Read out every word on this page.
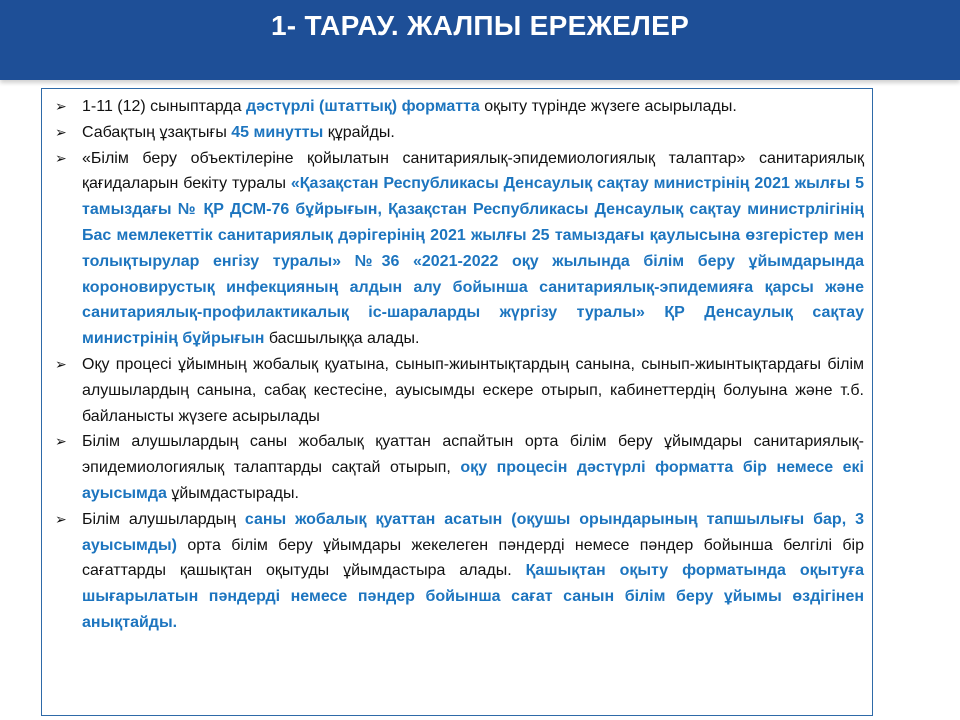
1- ТАРАУ. ЖАЛПЫ ЕРЕЖЕЛЕР
➢ 1-11 (12) сыныптарда дәстүрлі (штаттық) форматта оқыту түрінде жүзеге асырылады.
➢ Сабақтың ұзақтығы 45 минутты құрайды.
➢ «Білім беру объектілеріне қойылатын санитариялық-эпидемиологиялық талаптар» санитариялық қағидаларын бекіту туралы «Қазақстан Республикасы Денсаулық сақтау министрінің 2021 жылғы 5 тамыздағы № ҚР ДСМ-76 бұйрығын, Қазақстан Республикасы Денсаулық сақтау министрлігінің Бас мемлекеттік санитариялық дәрігерінің 2021 жылғы 25 тамыздағы қаулысына өзгерістер мен толықтырулар енгізу туралы» №36 «2021-2022 оқу жылында білім беру ұйымдарында короновирустық инфекцияның алдын алу бойынша санитариялық-эпидемияға қарсы және санитариялық-профилактикалық іс-шараларды жүргізу туралы» ҚР Денсаулық сақтау министрінің бұйрығын басшылыққа алады.
➢ Оқу процесі ұйымның жобалық қуатына, сынып-жиынтықтардың санына, сынып-жиынтықтардағы білім алушылардың санына, сабақ кестесіне, ауысымды ескере отырып, кабинеттердің болуына және т.б. байланысты жүзеге асырылады
➢ Білім алушылардың саны жобалық қуаттан аспайтын орта білім беру ұйымдары санитариялық-эпидемиологиялық талаптарды сақтай отырып, оқу процесін дәстүрлі форматта бір немесе екі ауысымда ұйымдастырады.
➢ Білім алушылардың саны жобалық қуаттан асатын (оқушы орындарының тапшылығы бар, 3 ауысымды) орта білім беру ұйымдары жекелеген пәндерді немесе пәндер бойынша белгілі бір сағаттарды қашықтан оқытуды ұйымдастыра алады. Қашықтан оқыту форматында оқытуға шығарылатын пәндерді немесе пәндер бойынша сағат санын білім беру ұйымы өздігінен анықтайды.
